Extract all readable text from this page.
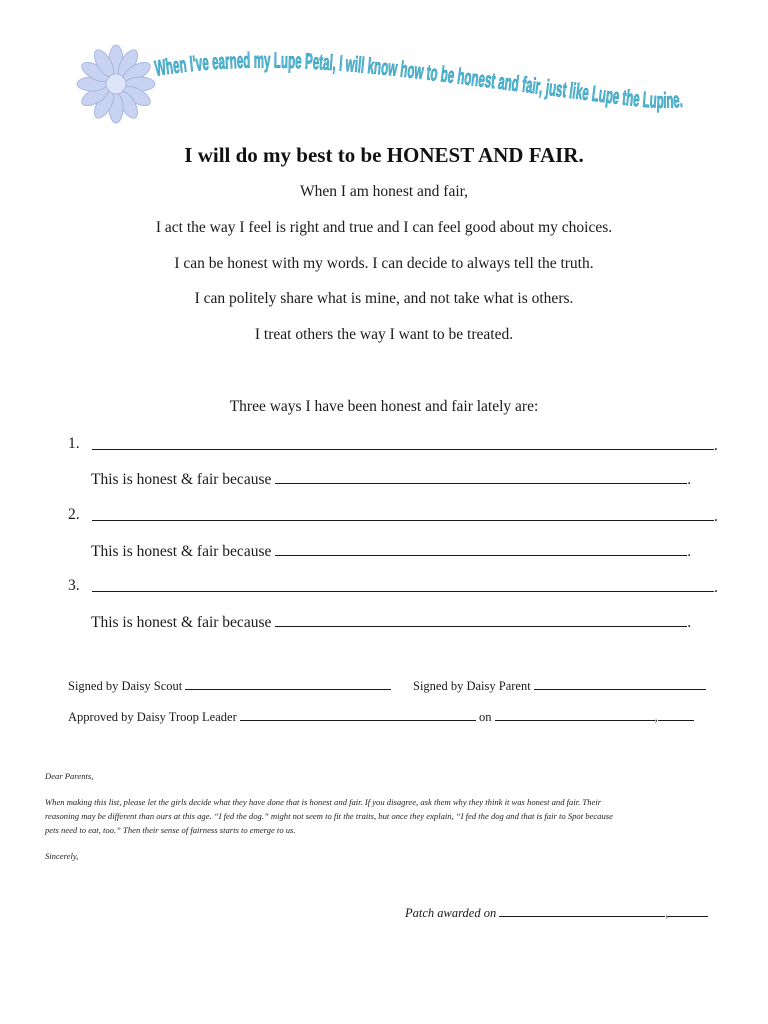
When I've earned my Lupe Petal, I will know how to be honest and fair, just like Lupe the Lupine.
I will do my best to be HONEST AND FAIR.
When I am honest and fair,
I act the way I feel is right and true and I can feel good about my choices.
I can be honest with my words. I can decide to always tell the truth.
I can politely share what is mine, and not take what is others.
I treat others the way I want to be treated.
Three ways I have been honest and fair lately are:
1.	.
This is honest & fair because	.
2.	.
This is honest & fair because	.
3.	.
This is honest & fair because	.
Signed by Daisy Scout	Signed by Daisy Parent
Approved by Daisy Troop Leader	on	,
Dear Parents,
When making this list, please let the girls decide what they have done that is honest and fair. If you disagree, ask them why they think it was honest and fair. Their
reasoning may be different than ours at this age. “I fed the dog.” might not seem to fit the traits, but once they explain, “I fed the dog and that is fair to Spot because
pets need to eat, too.” Then their sense of fairness starts to emerge to us.
Sincerely,
Patch awarded on	,
